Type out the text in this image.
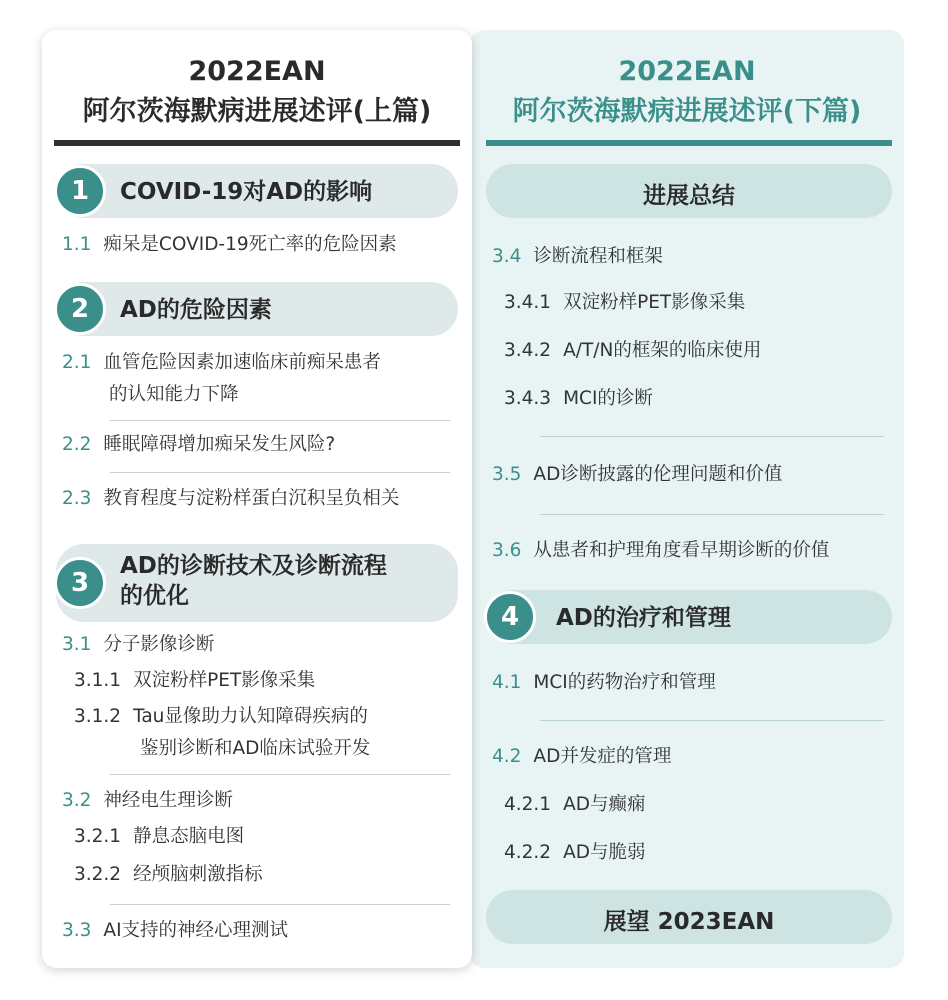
2022EAN
阿尔茨海默病进展述评(上篇)
1	COVID-19对AD的影响
1.1 痴呆是COVID-19死亡率的危险因素
2	AD的危险因素
2.1 血管危险因素加速临床前痴呆患者
的认知能力下降
2.2 睡眠障碍增加痴呆发生风险?
2.3 教育程度与淀粉样蛋白沉积呈负相关
3
AD的诊断技术及诊断流程
的优化
3.1 分子影像诊断
3.1.1 双淀粉样PET影像采集
3.1.2 Tau显像助力认知障碍疾病的
鉴别诊断和AD临床试验开发
3.2 神经电生理诊断
3.2.1 静息态脑电图
3.2.2 经颅脑刺激指标
3.3 AI支持的神经心理测试
2022EAN
阿尔茨海默病进展述评(下篇)
进展总结
3.4 诊断流程和框架
3.4.1 双淀粉样PET影像采集
3.4.2 A/T/N的框架的临床使用
3.4.3 MCI的诊断
3.5 AD诊断披露的伦理问题和价值
3.6 从患者和护理角度看早期诊断的价值
4	AD的治疗和管理
4.1 MCI的药物治疗和管理
4.2 AD并发症的管理
4.2.1 AD与癫痫
4.2.2 AD与脆弱
展望 2023EAN
